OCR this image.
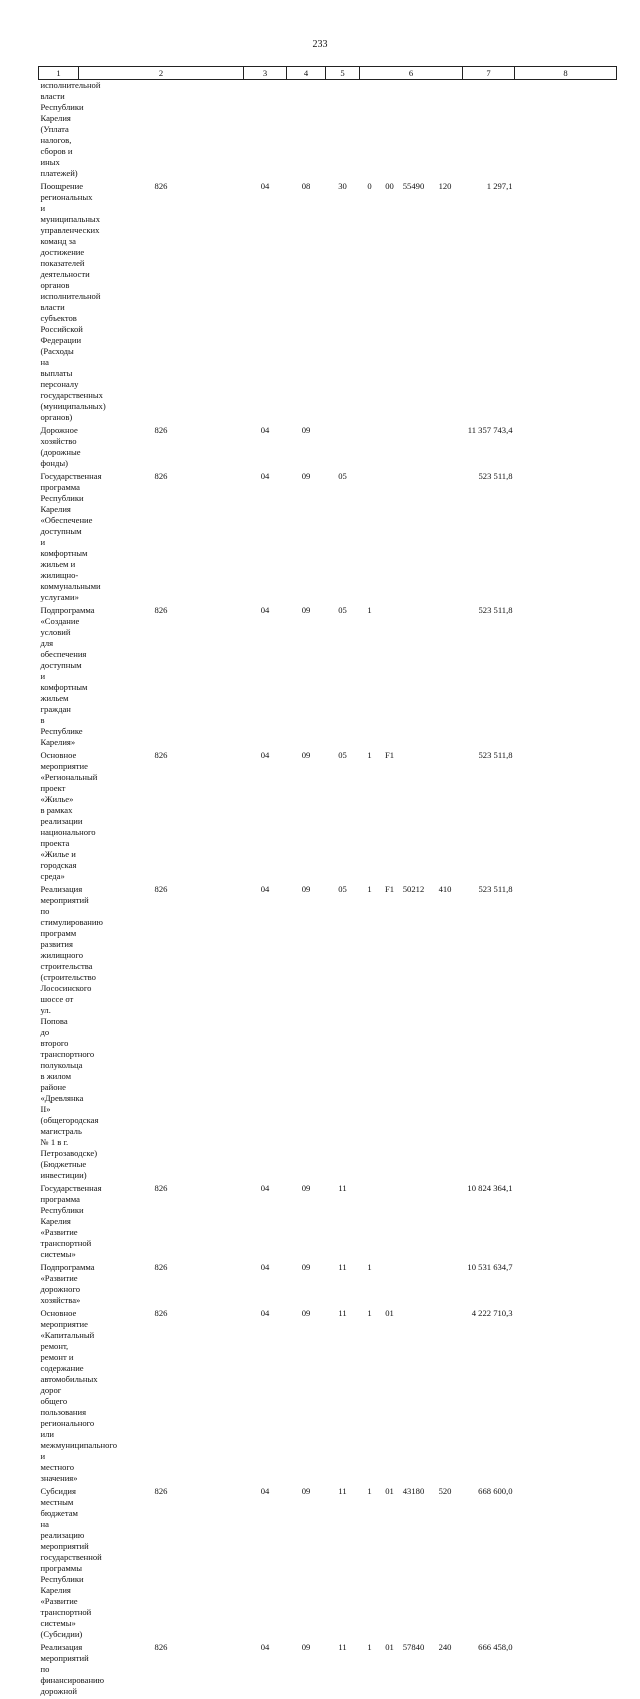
233
1	2	3	4	5	6				7	8
исполнительной власти Республики Карелия (Уплата налогов, сборов и иных платежей)										
Поощрение региональных и муниципальных управленческих команд за достижение показателей деятельности органов исполнительной власти субъектов Российской Федерации (Расходы на выплаты персоналу государственных (муниципальных) органов)	826	04	08	30	0	00	55490	120	1 297,1	
Дорожное хозяйство (дорожные фонды)	826	04	09						11 357 743,4	
Государственная программа Республики Карелия «Обеспечение доступным и комфортным жильем и жилищно-коммунальными услугами»	826	04	09	05					523 511,8	
Подпрограмма «Создание условий для обеспечения доступным и комфортным жильем граждан в Республике Карелия»	826	04	09	05	1				523 511,8	
Основное мероприятие «Региональный проект «Жилье» в рамках реализации национального проекта «Жилье и городская среда»	826	04	09	05	1	F1			523 511,8	
Реализация мероприятий по стимулированию программ развития жилищного строительства (строительство Лососинского шоссе от ул. Попова до второго транспортного полукольца в жилом районе «Древлянка II» (общегородская магистраль № 1 в г. Петрозаводске) (Бюджетные инвестиции)	826	04	09	05	1	F1	50212	410	523 511,8	
Государственная программа Республики Карелия «Развитие транспортной системы»	826	04	09	11					10 824 364,1	
Подпрограмма «Развитие дорожного хозяйства»	826	04	09	11	1				10 531 634,7	
Основное мероприятие «Капитальный ремонт, ремонт и содержание автомобильных дорог общего пользования регионального или межмуниципального и местного значения»	826	04	09	11	1	01			4 222 710,3	
Субсидия местным бюджетам на реализацию мероприятий государственной программы Республики Карелия «Развитие транспортной системы» (Субсидии)	826	04	09	11	1	01	43180	520	668 600,0	
Реализация мероприятий по финансированию дорожной	826	04	09	11	1	01	57840	240	666 458,0	
